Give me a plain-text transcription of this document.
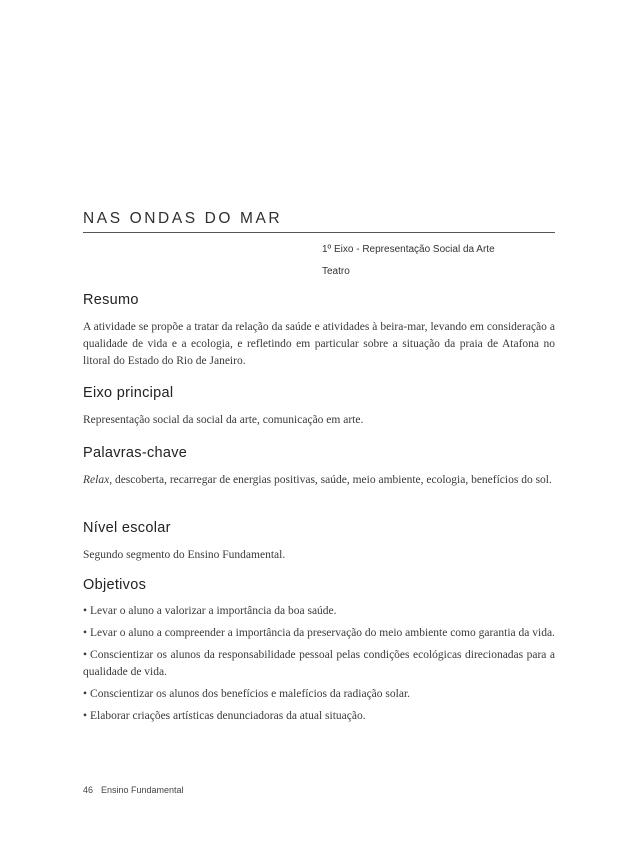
NAS ONDAS DO MAR
1º Eixo - Representação Social da Arte
Teatro
Resumo

A atividade se propõe a tratar da relação da saúde e atividades à beira-mar, levando em consideração a qualidade de vida e a ecologia, e refletindo em particular sobre a situação da praia de Atafona no litoral do Estado do Rio de Janeiro.

Eixo principal

Representação social da social da arte, comunicação em arte.

Palavras-chave

Relax, descoberta, recarregar de energias positivas, saúde, meio ambiente, ecologia, benefícios do sol.

Nível escolar

Segundo segmento do Ensino Fundamental.

Objetivos
• Levar o aluno a valorizar a importância da boa saúde.
• Levar o aluno a compreender a importância da preservação do meio ambiente como garantia da vida.
• Conscientizar os alunos da responsabilidade pessoal pelas condições ecológicas direcionadas para a qualidade de vida.
• Conscientizar os alunos dos benefícios e malefícios da radiação solar.
• Elaborar criações artísticas denunciadoras da atual situação.
46 Ensino Fundamental
